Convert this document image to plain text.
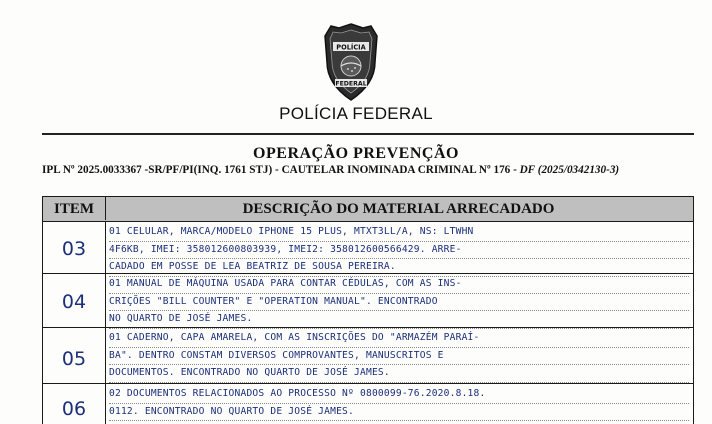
POLÍCIA
FEDERAL
POLÍCIA FEDERAL
OPERAÇÃO PREVENÇÃO
IPL Nº 2025.0033367 -SR/PF/PI(INQ. 1761 STJ) - CAUTELAR INOMINADA CRIMINAL Nº 176 - DF (2025/0342130-3)
ITEM	DESCRIÇÃO DO MATERIAL ARRECADADO
03
01 CELULAR, MARCA/MODELO IPHONE 15 PLUS, MTXT3LL/A, NS: LTWHN
4F6KB, IMEI: 358012600803939, IMEI2: 358012600566429. ARRE-
CADADO EM POSSE DE LEA BEATRIZ DE SOUSA PEREIRA.
04
01 MANUAL DE MÁQUINA USADA PARA CONTAR CÉDULAS, COM AS INS-
CRIÇÕES "BILL COUNTER" E "OPERATION MANUAL". ENCONTRADO
NO QUARTO DE JOSÉ JAMES.
05
01 CADERNO, CAPA AMARELA, COM AS INSCRIÇÕES DO "ARMAZÉM PARAÍ-
BA". DENTRO CONSTAM DIVERSOS COMPROVANTES, MANUSCRITOS E
DOCUMENTOS. ENCONTRADO NO QUARTO DE JOSÉ JAMES.
06
02 DOCUMENTOS RELACIONADOS AO PROCESSO Nº 0800099-76.2020.8.18.
0112. ENCONTRADO NO QUARTO DE JOSÉ JAMES.
